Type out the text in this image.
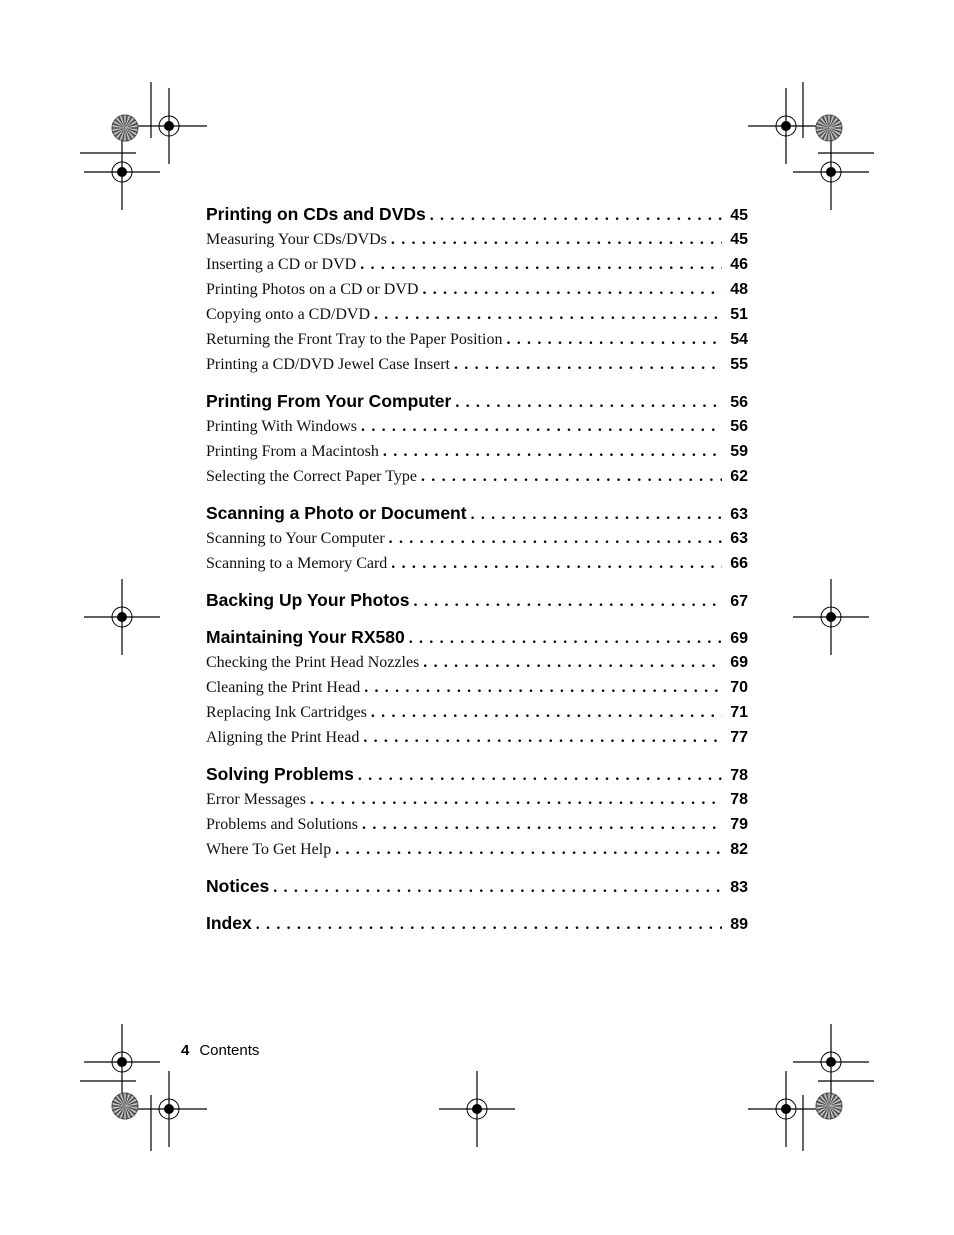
Printing on CDs and DVDs . . .	45
Measuring Your CDs/DVDs . . .	45
Inserting a CD or DVD . . .	46
Printing Photos on a CD or DVD . . .	48
Copying onto a CD/DVD . . .	51
Returning the Front Tray to the Paper Position . . .	54
Printing a CD/DVD Jewel Case Insert . . .	55
Printing From Your Computer . . .	56
Printing With Windows . . .	56
Printing From a Macintosh . . .	59
Selecting the Correct Paper Type . . .	62
Scanning a Photo or Document . . .	63
Scanning to Your Computer . . .	63
Scanning to a Memory Card . . .	66
Backing Up Your Photos . . .	67
Maintaining Your RX580 . . .	69
Checking the Print Head Nozzles . . .	69
Cleaning the Print Head . . .	70
Replacing Ink Cartridges . . .	71
Aligning the Print Head . . .	77
Solving Problems . . .	78
Error Messages . . .	78
Problems and Solutions . . .	79
Where To Get Help . . .	82
Notices . . .	83
Index . . .	89
4 Contents
